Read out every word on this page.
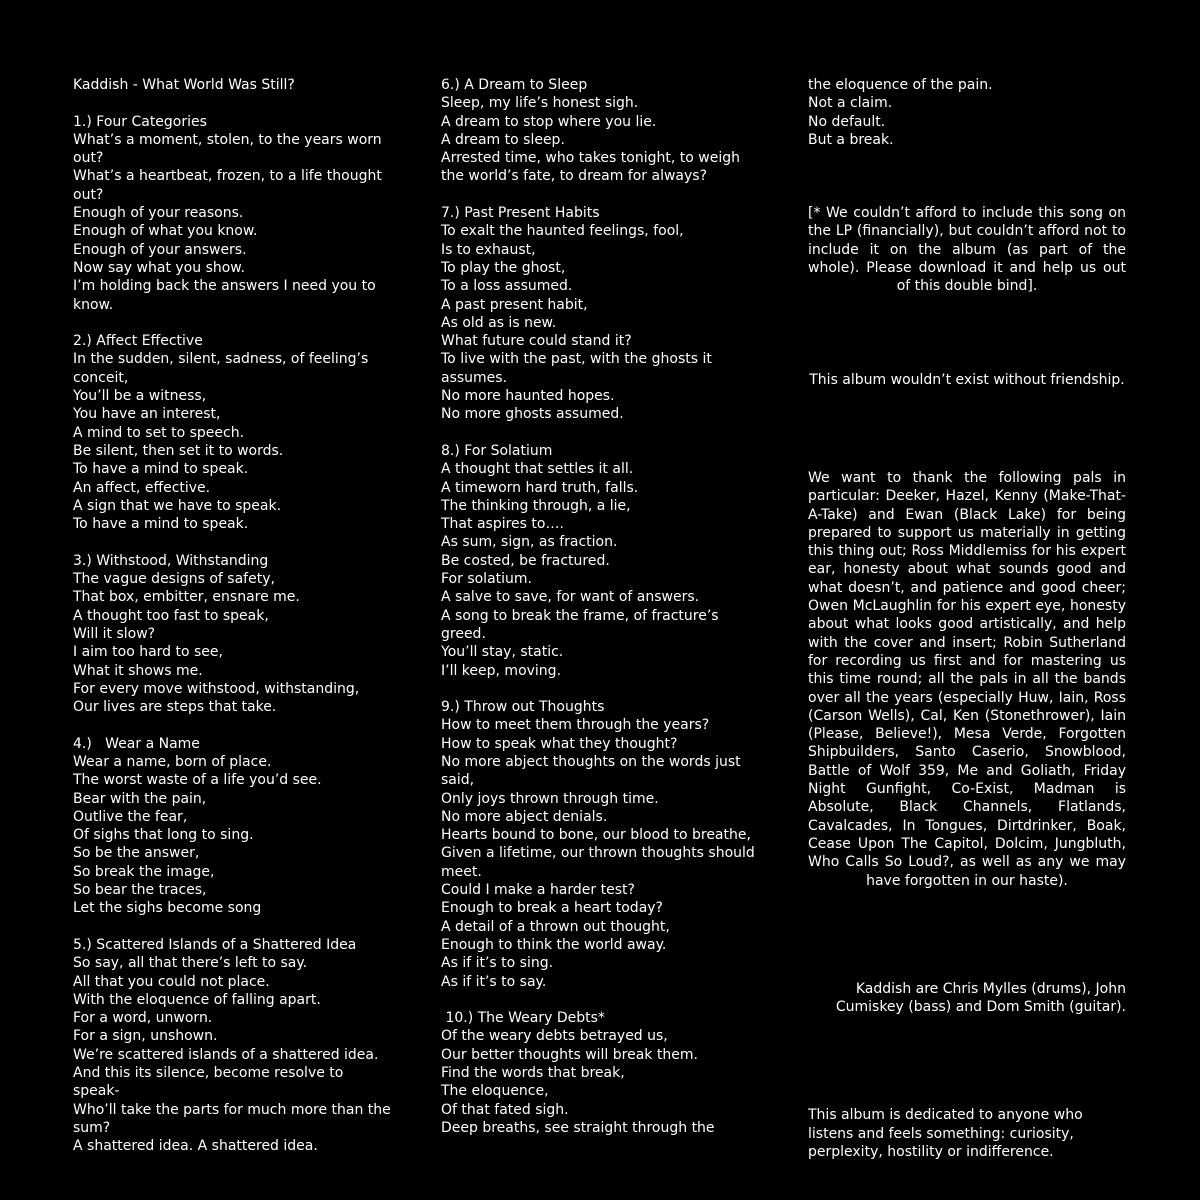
Kaddish - What World Was Still?
1.) Four Categories
What’s a moment, stolen, to the years worn out?
What’s a heartbeat, frozen, to a life thought out?
Enough of your reasons.
Enough of what you know.
Enough of your answers.
Now say what you show.
I’m holding back the answers I need you to know.
2.) Affect Effective
In the sudden, silent, sadness, of feeling’s conceit,
You’ll be a witness,
You have an interest,
A mind to set to speech.
Be silent, then set it to words.
To have a mind to speak.
An affect, effective.
A sign that we have to speak.
To have a mind to speak.
3.) Withstood, Withstanding
The vague designs of safety,
That box, embitter, ensnare me.
A thought too fast to speak,
Will it slow?
I aim too hard to see,
What it shows me.
For every move withstood, withstanding,
Our lives are steps that take.
4.)   Wear a Name
Wear a name, born of place.
The worst waste of a life you’d see.
Bear with the pain,
Outlive the fear,
Of sighs that long to sing.
So be the answer,
So break the image,
So bear the traces,
Let the sighs become song
5.) Scattered Islands of a Shattered Idea
So say, all that there’s left to say.
All that you could not place.
With the eloquence of falling apart.
For a word, unworn.
For a sign, unshown.
We’re scattered islands of a shattered idea.
And this its silence, become resolve to speak-
Who’ll take the parts for much more than the sum?
A shattered idea. A shattered idea.
6.) A Dream to Sleep
Sleep, my life’s honest sigh.
A dream to stop where you lie.
A dream to sleep.
Arrested time, who takes tonight, to weigh the world’s fate, to dream for always?
7.) Past Present Habits
To exalt the haunted feelings, fool,
Is to exhaust,
To play the ghost,
To a loss assumed.
A past present habit,
As old as is new.
What future could stand it?
To live with the past, with the ghosts it assumes.
No more haunted hopes.
No more ghosts assumed.
8.) For Solatium
A thought that settles it all.
A timeworn hard truth, falls.
The thinking through, a lie,
That aspires to….
As sum, sign, as fraction.
Be costed, be fractured.
For solatium.
A salve to save, for want of answers.
A song to break the frame, of fracture’s greed.
You’ll stay, static.
I’ll keep, moving.
9.) Throw out Thoughts
How to meet them through the years?
How to speak what they thought?
No more abject thoughts on the words just said,
Only joys thrown through time.
No more abject denials.
Hearts bound to bone, our blood to breathe,
Given a lifetime, our thrown thoughts should meet.
Could I make a harder test?
Enough to break a heart today?
A detail of a thrown out thought,
Enough to think the world away.
As if it’s to sing.
As if it’s to say.
10.) The Weary Debts*
Of the weary debts betrayed us,
Our better thoughts will break them.
Find the words that break,
The eloquence,
Of that fated sigh.
Deep breaths, see straight through the
the eloquence of the pain.
Not a claim.
No default.
But a break.
[* We couldn’t afford to include this song on the LP (financially), but couldn’t afford not to include it on the album (as part of the whole). Please download it and help us out of this double bind].
This album wouldn’t exist without friendship.
We want to thank the following pals in particular: Deeker, Hazel, Kenny (Make-That-A-Take) and Ewan (Black Lake) for being prepared to support us materially in getting this thing out; Ross Middlemiss for his expert ear, honesty about what sounds good and what doesn’t, and patience and good cheer; Owen McLaughlin for his expert eye, honesty about what looks good artistically, and help with the cover and insert; Robin Sutherland for recording us first and for mastering us this time round; all the pals in all the bands over all the years (especially Huw, Iain, Ross (Carson Wells), Cal, Ken (Stonethrower), Iain (Please, Believe!), Mesa Verde, Forgotten Shipbuilders, Santo Caserio, Snowblood, Battle of Wolf 359, Me and Goliath, Friday Night Gunfight, Co-Exist, Madman is Absolute, Black Channels, Flatlands, Cavalcades, In Tongues, Dirtdrinker, Boak, Cease Upon The Capitol, Dolcim, Jungbluth, Who Calls So Loud?, as well as any we may have forgotten in our haste).
Kaddish are Chris Mylles (drums), John Cumiskey (bass) and Dom Smith (guitar).
This album is dedicated to anyone who listens and feels something: curiosity, perplexity, hostility or indifference.
